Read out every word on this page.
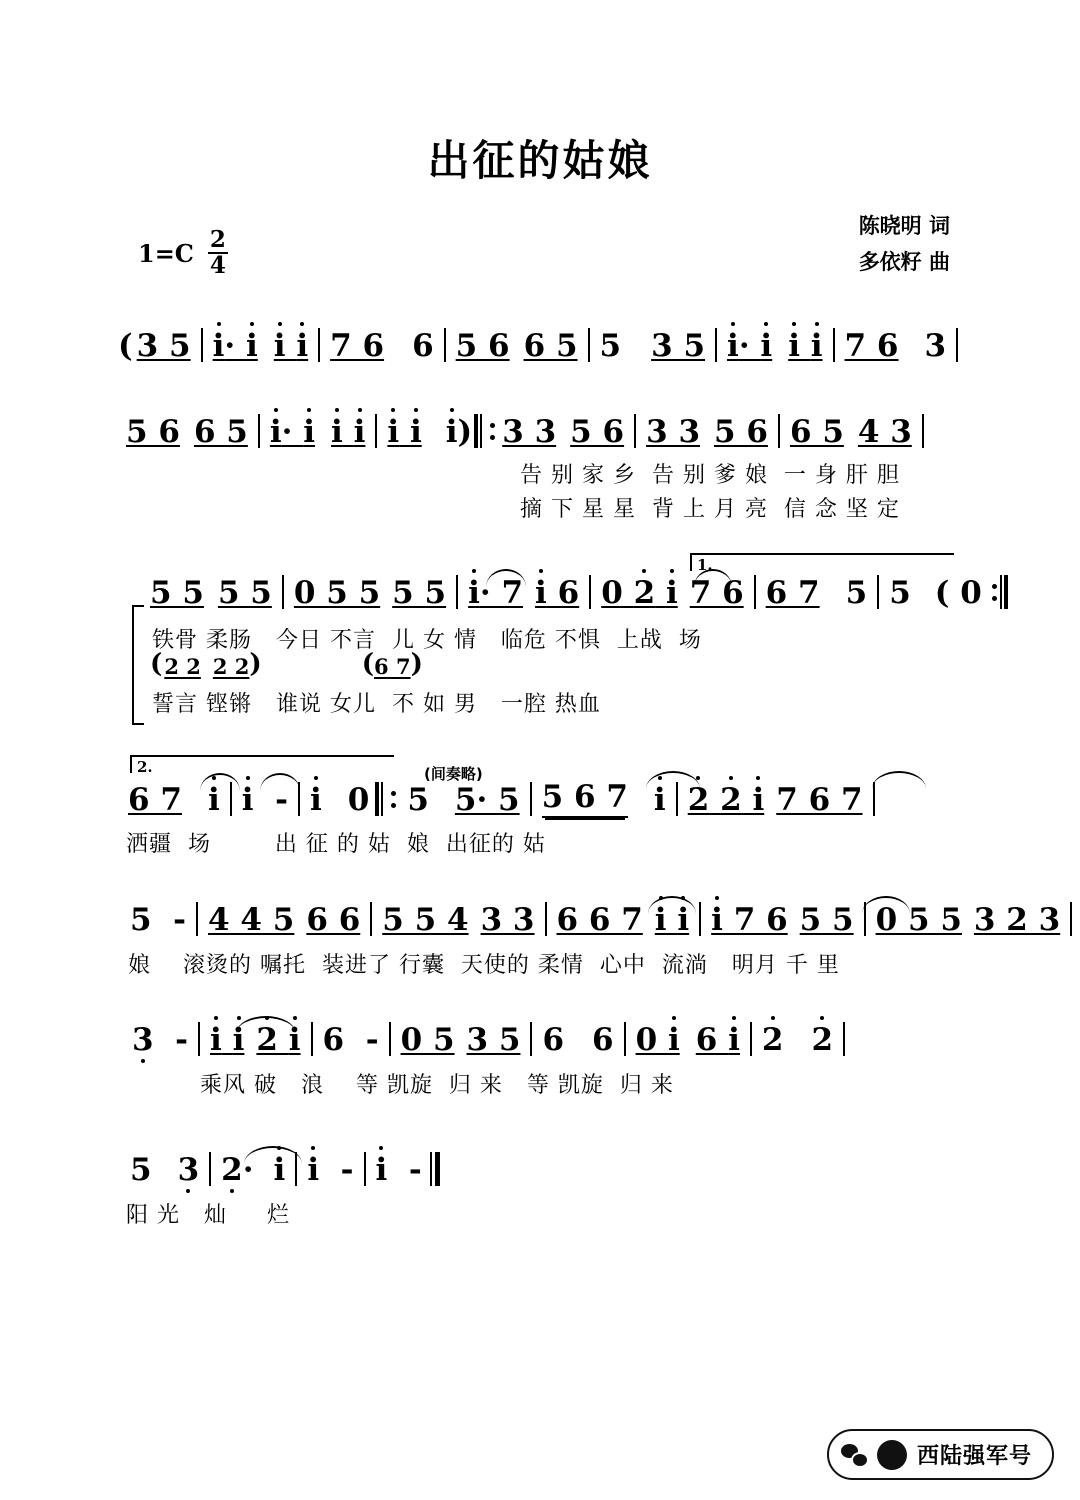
出征的姑娘
陈晓明 词
多依籽 曲
$1=C \frac{2}{4}$
( 3 5 i· i i i 7 6 6 5 6 6 5 5 3 5 i· i i i 7 6 3
5 6 6 5 i· i i i i i i ) 3 3 5 6 3 3 5 6 6 5 4 3
告 别 家 乡  告 别 爹 娘  一 身 肝 胆
摘 下 星 星  背 上 月 亮  信 念 坚 定
1.
5 5 5 5 0 5 5 5 5 i· 7 i 6 0 2 i 7 6 6 7 5 5 ( 0
铁骨 柔肠   今日 不言  儿 女 情   临危 不惧  上战  场
( 2 2 2 2 )	( 6 7 )
誓言 铿锵   谁说 女儿  不 如 男   一腔 热血
2.	(间奏略)
6 7 i i  - i 0 5 5· 5 5 6 7 i 2 2 i 7 6 7
洒疆  场        出 征 的 姑  娘  出征的 姑
5  - 4 4 5 6 6 5 5 4 3 3 6 6 7 i i i 7 6 5 5 0 5 5 3 2 3
娘    滚烫的 嘱托  装进了 行囊  天使的 柔情  心中  流淌   明月 千 里
3  - i i 2 i 6  - 0 5 3 5 6 6 0 i 6 i 2 2
乘风 破   浪    等 凯旋  归 来   等 凯旋  归 来
5 3 2· i i  - i  -
阳 光   灿     烂
西陆强军号
